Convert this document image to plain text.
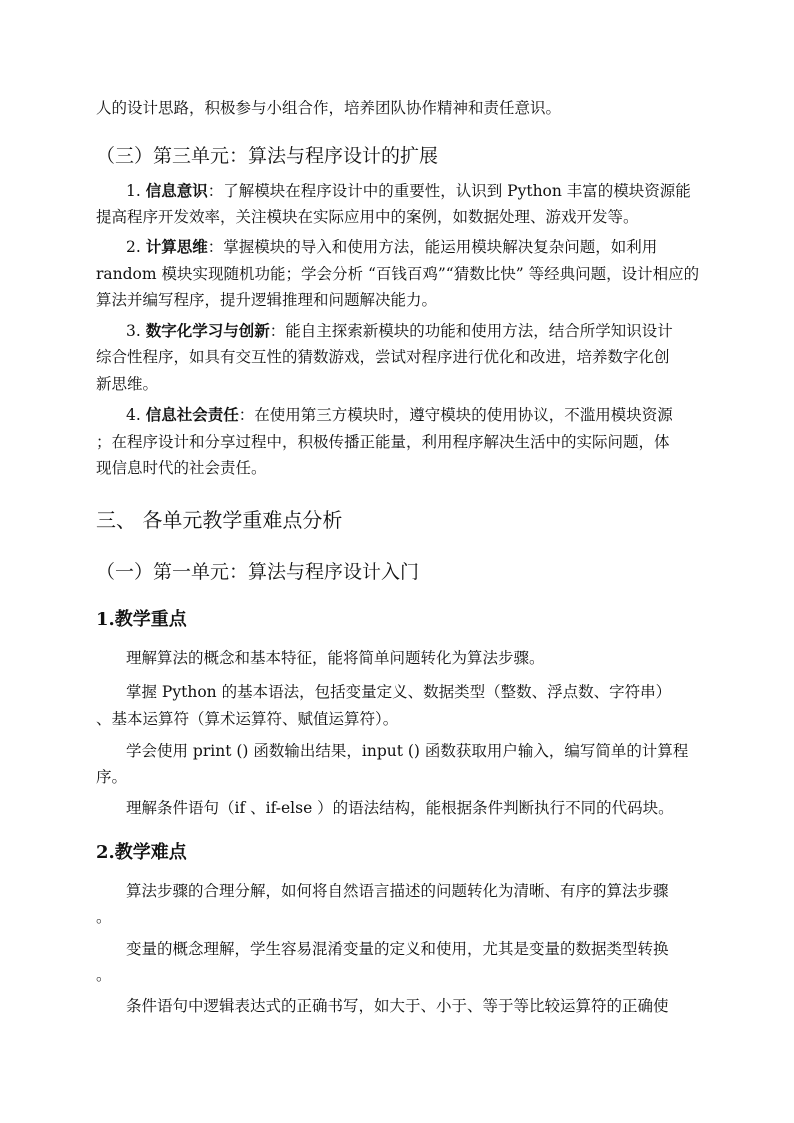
人的设计思路，积极参与小组合作，培养团队协作精神和责任意识。
（三）第三单元：算法与程序设计的扩展
1. 信息意识：了解模块在程序设计中的重要性，认识到 Python 丰富的模块资源能
提高程序开发效率，关注模块在实际应用中的案例，如数据处理、游戏开发等。
2. 计算思维：掌握模块的导入和使用方法，能运用模块解决复杂问题，如利用
random 模块实现随机功能；学会分析 “百钱百鸡”“猜数比快” 等经典问题，设计相应的
算法并编写程序，提升逻辑推理和问题解决能力。
3. 数字化学习与创新：能自主探索新模块的功能和使用方法，结合所学知识设计
综合性程序，如具有交互性的猜数游戏，尝试对程序进行优化和改进，培养数字化创
新思维。
4. 信息社会责任：在使用第三方模块时，遵守模块的使用协议，不滥用模块资源
；在程序设计和分享过程中，积极传播正能量，利用程序解决生活中的实际问题，体
现信息时代的社会责任。
三、 各单元教学重难点分析
（一）第一单元：算法与程序设计入门
1.教学重点
理解算法的概念和基本特征，能将简单问题转化为算法步骤。
掌握 Python 的基本语法，包括变量定义、数据类型（整数、浮点数、字符串）
、基本运算符（算术运算符、赋值运算符）。
学会使用 print () 函数输出结果，input () 函数获取用户输入，编写简单的计算程
序。
理解条件语句（if 、if-else ）的语法结构，能根据条件判断执行不同的代码块。
2.教学难点
算法步骤的合理分解，如何将自然语言描述的问题转化为清晰、有序的算法步骤
。
变量的概念理解，学生容易混淆变量的定义和使用，尤其是变量的数据类型转换
。
条件语句中逻辑表达式的正确书写，如大于、小于、等于等比较运算符的正确使
